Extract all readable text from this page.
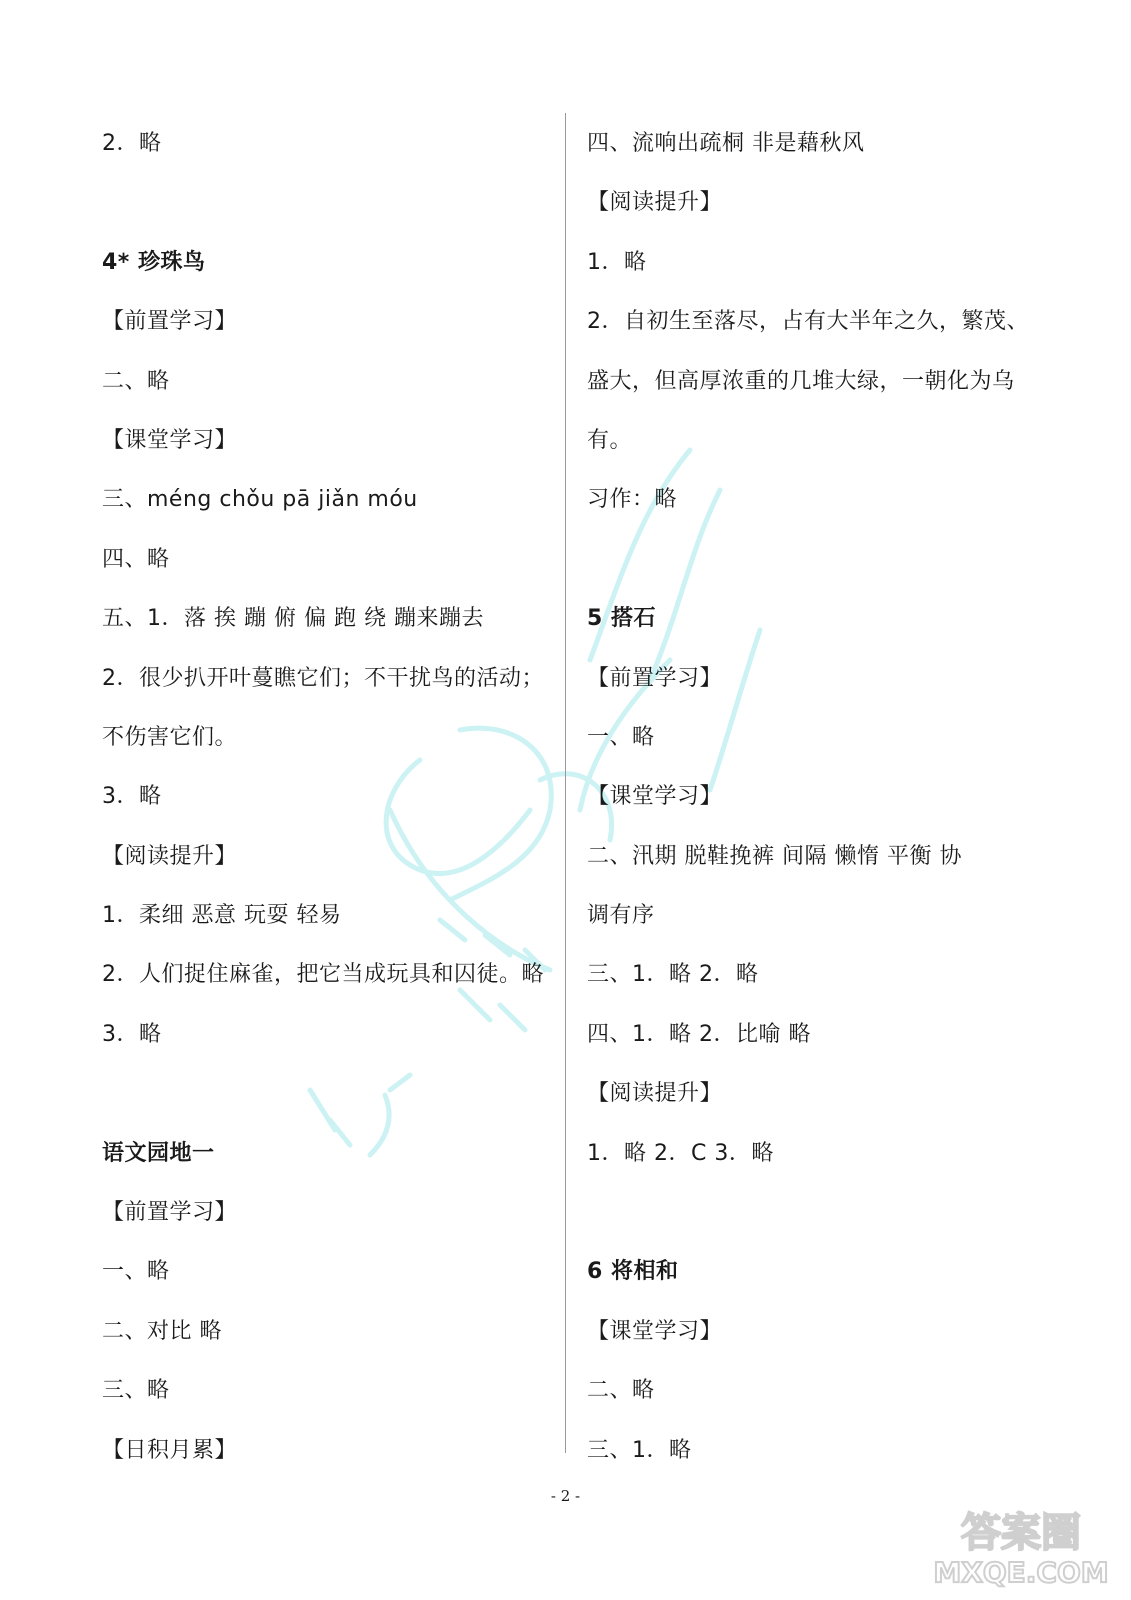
2．略
4* 珍珠鸟
【前置学习】
二、略
【课堂学习】
三、méng chǒu pā jiǎn móu
四、略
五、1．落 挨 蹦 俯 偏 跑 绕 蹦来蹦去
2．很少扒开叶蔓瞧它们；不干扰鸟的活动；
不伤害它们。
3．略
【阅读提升】
1．柔细 恶意 玩耍 轻易
2．人们捉住麻雀，把它当成玩具和囚徒。略
3．略
语文园地一
【前置学习】
一、略
二、对比 略
三、略
【日积月累】
四、流响出疏桐 非是藉秋风
【阅读提升】
1．略
2．自初生至落尽，占有大半年之久，繁茂、
盛大，但高厚浓重的几堆大绿，一朝化为乌
有。
习作：略
5 搭石
【前置学习】
一、略
【课堂学习】
二、汛期 脱鞋挽裤 间隔 懒惰 平衡 协
调有序
三、1．略 2．略
四、1．略 2．比喻 略
【阅读提升】
1．略 2．C 3．略
6 将相和
【课堂学习】
二、略
三、1．略
- 2 -
答案圈
MXQE.COM
